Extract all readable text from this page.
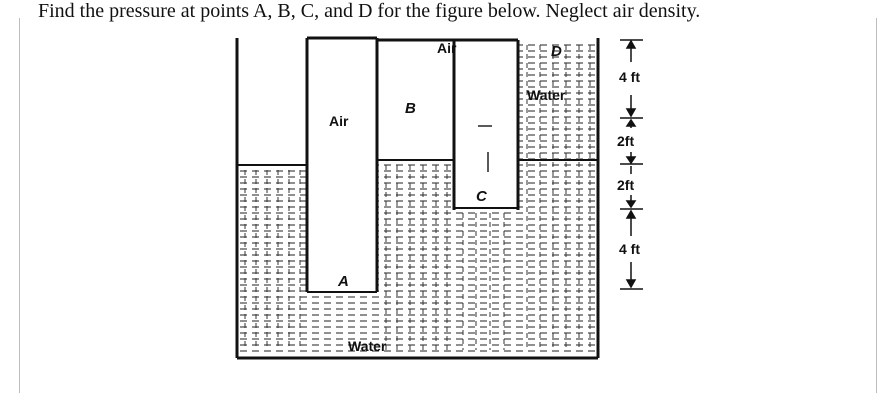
Find the pressure at points A, B, C, and D for the figure below. Neglect air density.
Air
Air
B
C
A
D
Water
Water
4 ft
2ft
2ft
4 ft
